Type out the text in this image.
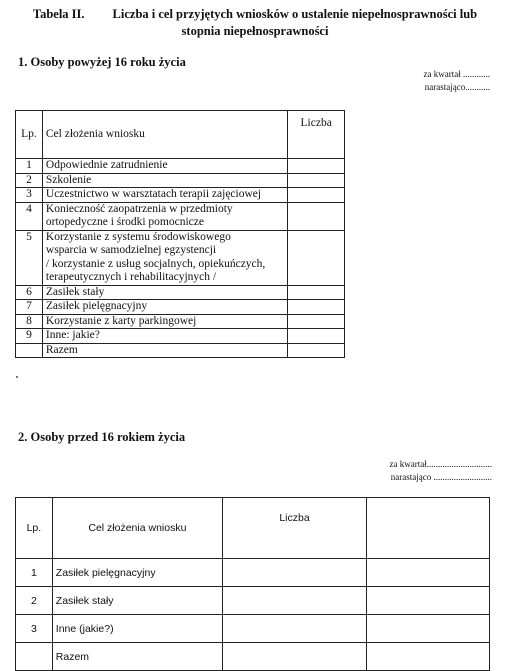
Tabela II. Liczba i cel przyjętych wniosków o ustalenie niepełnosprawności lub
stopnia niepełnosprawności
1. Osoby powyżej 16 roku życia
za kwartał ............
narastająco...........
Lp.	Cel złożenia wniosku	Liczba
1	Odpowiednie zatrudnienie	

2	Szkolenie	

3	Uczestnictwo w warsztatach terapii zajęciowej	

4	Konieczność zaopatrzenia w przedmioty
ortopedyczne i środki pomocnicze	

5	Korzystanie z systemu środowiskowego
wsparcia w samodzielnej egzystencji
/ korzystanie z usług socjalnych, opiekuńczych,
terapeutycznych i rehabilitacyjnych /	

6	Zasiłek stały	

7	Zasiłek pielęgnacyjny	

8	Korzystanie z karty parkingowej	

9	Inne: jakie?	

	Razem	

2. Osoby przed 16 rokiem życia
za kwartał.............................
narastająco ..........................
Lp.	Cel złożenia wniosku	Liczba	
1	Zasiłek pielęgnacyjny		
2	Zasiłek stały		
3	Inne (jakie?)		
	Razem		
